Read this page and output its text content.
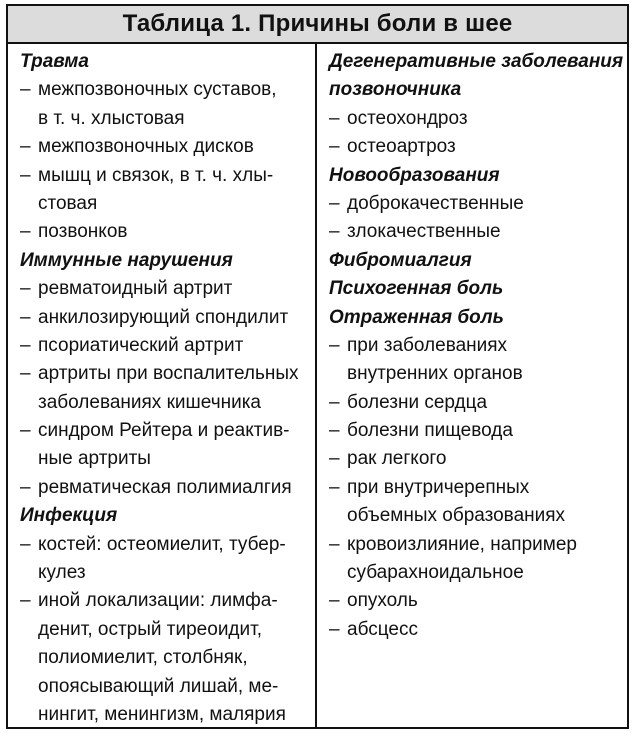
Таблица 1. Причины боли в шее
Травма
– межпозвоночных суставов,
в т. ч. хлыстовая
– межпозвоночных дисков
– мышц и связок, в т. ч. хлы-
стовая
– позвонков
Иммунные нарушения
– ревматоидный артрит
– анкилозирующий спондилит
– псориатический артрит
– артриты при воспалительных
заболеваниях кишечника
– синдром Рейтера и реактив-
ные артриты
– ревматическая полимиалгия
Инфекция
– костей: остеомиелит, тубер-
кулез
– иной локализации: лимфа-
денит, острый тиреоидит,
полиомиелит, столбняк,
опоясывающий лишай, ме-
нингит, менингизм, малярия
Дегенеративные заболевания
позвоночника
– остеохондроз
– остеоартроз
Новообразования
– доброкачественные
– злокачественные
Фибромиалгия
Психогенная боль
Отраженная боль
– при заболеваниях
внутренних органов
– болезни сердца
– болезни пищевода
– рак легкого
– при внутричерепных
объемных образованиях
– кровоизлияние, например
субарахноидальное
– опухоль
– абсцесс
